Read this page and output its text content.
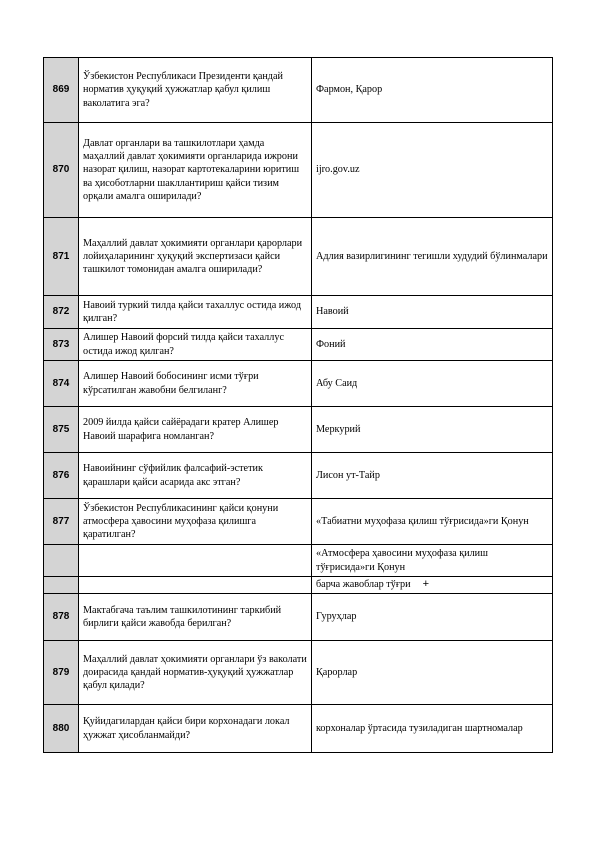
869	Ўзбекистон Республикаси Президенти қандай норматив ҳуқуқий ҳужжатлар қабул қилиш ваколатига эга?	Фармон, Қарор
870	Давлат органлари ва ташкилотлари ҳамда маҳаллий давлат ҳокимияти органларида ижрони назорат қилиш, назорат картотекаларини юритиш ва ҳисоботларни шакллантириш қайси тизим орқали амалга оширилади?	ijro.gov.uz
871	Маҳаллий давлат ҳокимияти органлари қарорлари лойиҳаларининг ҳуқуқий экспертизаси қайси ташкилот томонидан амалга оширилади?	Адлия вазирлигининг тегишли худудий бўлинмалари
872	Навоий туркий тилда қайси тахаллус остида ижод қилган?	Навоий
873	Алишер Навоий форсий тилда қайси тахаллус остида ижод қилган?	Фоний
874	Алишер Навоий бобосининг исми тўғри кўрсатилган жавобни белгиланг?	Абу Саид
875	2009 йилда қайси сайёрадаги кратер Алишер Навоий шарафига номланган?	Меркурий
876	Навоийнинг сўфийлик фалсафий-эстетик қарашлари қайси асарида акс этган?	Лисон ут-Тайр
877	Ўзбекистон Республикасининг қайси қонуни атмосфера ҳавосини муҳофаза қилишга қаратилган?	«Табиатни муҳофаза қилиш тўғрисида»ги Қонун
		«Атмосфера ҳавосини муҳофаза қилиш тўғрисида»ги Қонун
		барча жавоблар тўғри +
878	Мактабгача таълим ташкилотининг таркибий бирлиги қайси жавобда берилган?	Гуруҳлар
879	Маҳаллий давлат ҳокимияти органлари ўз ваколати доирасида қандай норматив-ҳуқуқий ҳужжатлар қабул қилади?	Қарорлар
880	Қуйидагилардан қайси бири корхонадаги локал ҳужжат ҳисобланмайди?	корхоналар ўртасида тузиладиган шартномалар
